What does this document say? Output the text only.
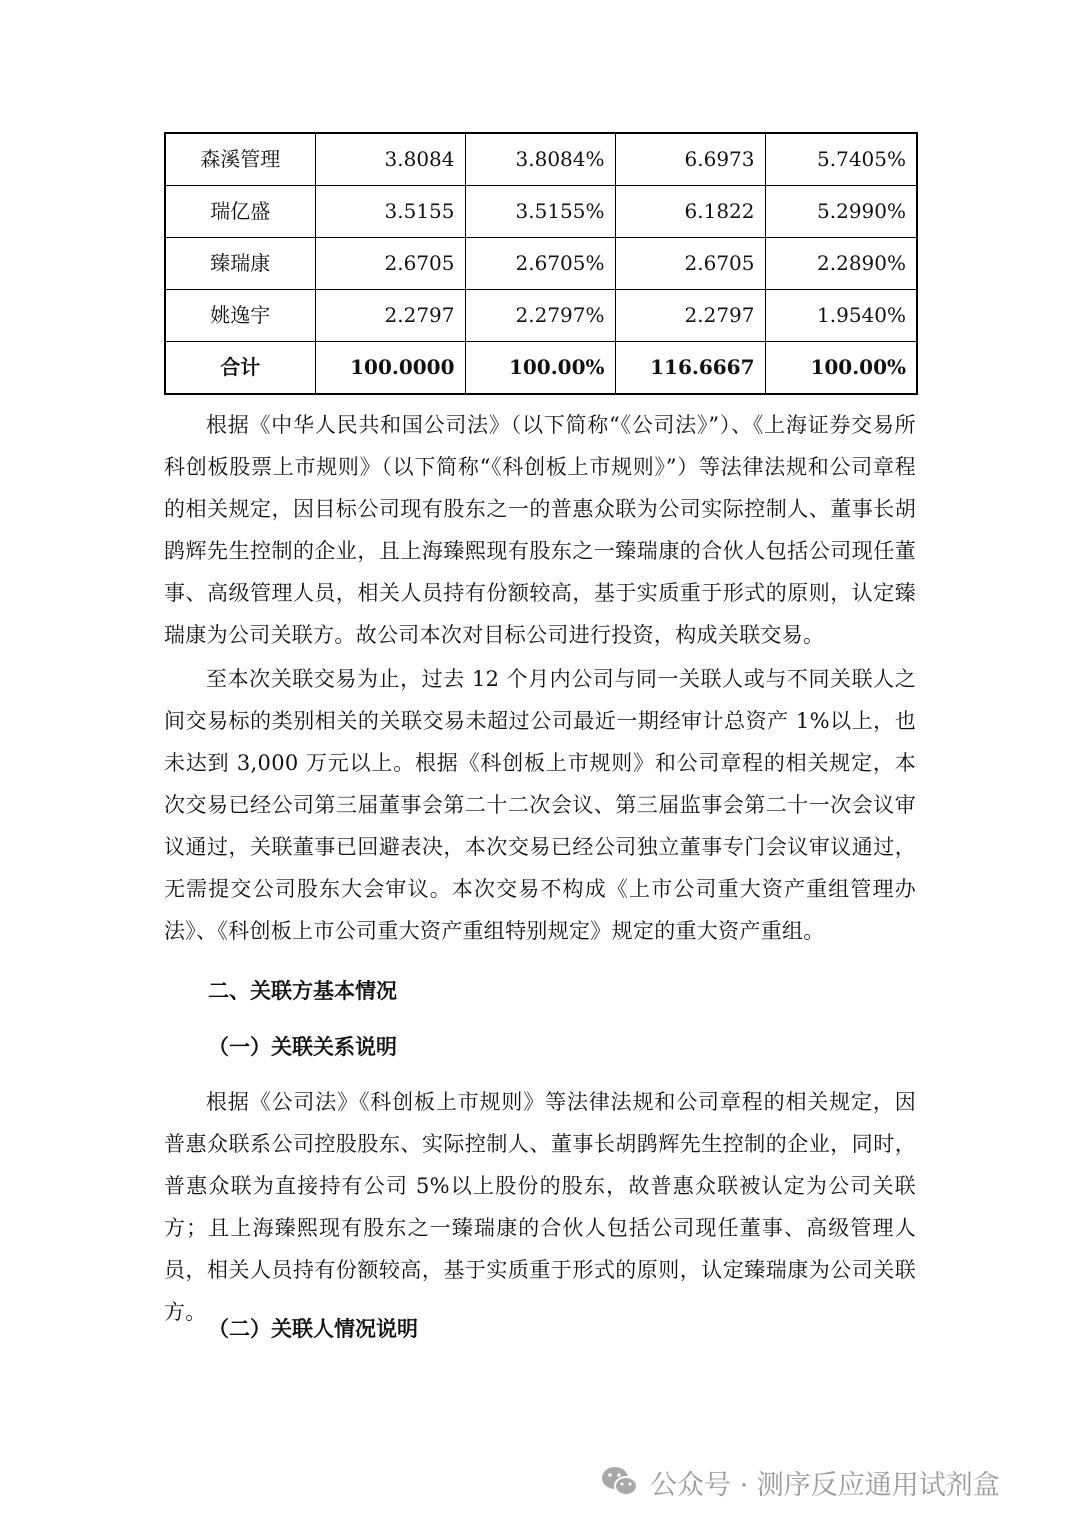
森溪管理	3.8084	3.8084%	6.6973	5.7405%
瑞亿盛	3.5155	3.5155%	6.1822	5.2990%
臻瑞康	2.6705	2.6705%	2.6705	2.2890%
姚逸宇	2.2797	2.2797%	2.2797	1.9540%
合计	100.0000	100.00%	116.6667	100.00%

根据《中华人民共和国公司法》（以下简称“《公司法》”）、《上海证券交易所科创板股票上市规则》（以下简称“《科创板上市规则》”）等法律法规和公司章程的相关规定，因目标公司现有股东之一的普惠众联为公司实际控制人、董事长胡鹍辉先生控制的企业，且上海臻熙现有股东之一臻瑞康的合伙人包括公司现任董事、高级管理人员，相关人员持有份额较高，基于实质重于形式的原则，认定臻瑞康为公司关联方。故公司本次对目标公司进行投资，构成关联交易。

至本次关联交易为止，过去 12 个月内公司与同一关联人或与不同关联人之间交易标的类别相关的关联交易未超过公司最近一期经审计总资产 1%以上，也未达到 3,000 万元以上。根据《科创板上市规则》和公司章程的相关规定，本次交易已经公司第三届董事会第二十二次会议、第三届监事会第二十一次会议审议通过，关联董事已回避表决，本次交易已经公司独立董事专门会议审议通过，无需提交公司股东大会审议。本次交易不构成《上市公司重大资产重组管理办法》、《科创板上市公司重大资产重组特别规定》规定的重大资产重组。

二、关联方基本情况

（一）关联关系说明

根据《公司法》《科创板上市规则》等法律法规和公司章程的相关规定，因普惠众联系公司控股股东、实际控制人、董事长胡鹍辉先生控制的企业，同时，普惠众联为直接持有公司 5%以上股份的股东，故普惠众联被认定为公司关联方；且上海臻熙现有股东之一臻瑞康的合伙人包括公司现任董事、高级管理人员，相关人员持有份额较高，基于实质重于形式的原则，认定臻瑞康为公司关联方。

（二）关联人情况说明

公众号 · 测序反应通用试剂盒
